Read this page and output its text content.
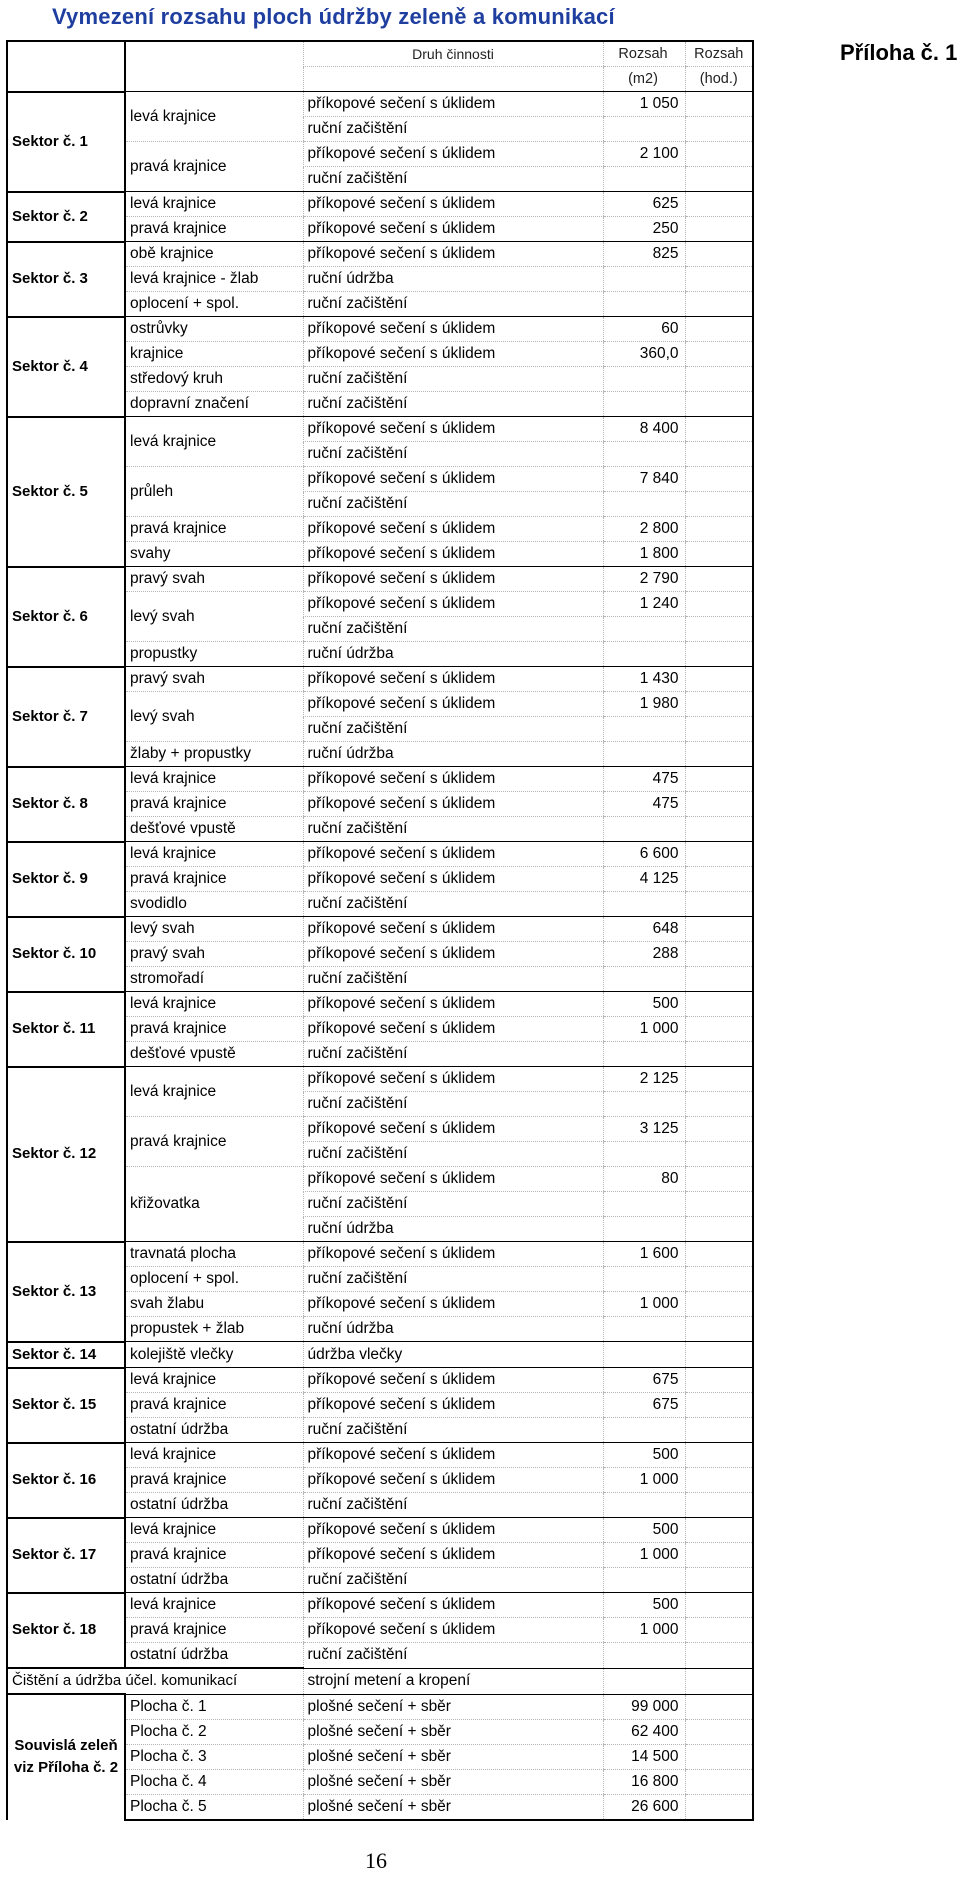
Vymezení rozsahu ploch údržby zeleně a komunikací
Příloha č. 1
		Druh činnosti	Rozsah	Rozsah
			(m2)	(hod.)
Sektor č. 1	levá krajnice	příkopové sečení s úklidem	1 050	
		ruční začištění		
	pravá krajnice	příkopové sečení s úklidem	2 100	
		ruční začištění		
Sektor č. 2	levá krajnice	příkopové sečení s úklidem	625	
	pravá krajnice	příkopové sečení s úklidem	250	
Sektor č. 3	obě krajnice	příkopové sečení s úklidem	825	
	levá krajnice - žlab	ruční údržba		
	oplocení + spol.	ruční začištění		
Sektor č. 4	ostrůvky	příkopové sečení s úklidem	60	
	krajnice	příkopové sečení s úklidem	360,0	
	středový kruh	ruční začištění		
	dopravní značení	ruční začištění		
Sektor č. 5	levá krajnice	příkopové sečení s úklidem	8 400	
		ruční začištění		
	průleh	příkopové sečení s úklidem	7 840	
		ruční začištění		
	pravá krajnice	příkopové sečení s úklidem	2 800	
	svahy	příkopové sečení s úklidem	1 800	
Sektor č. 6	pravý svah	příkopové sečení s úklidem	2 790	
	levý svah	příkopové sečení s úklidem	1 240	
		ruční začištění		
	propustky	ruční údržba		
Sektor č. 7	pravý svah	příkopové sečení s úklidem	1 430	
	levý svah	příkopové sečení s úklidem	1 980	
		ruční začištění		
	žlaby + propustky	ruční údržba		
Sektor č. 8	levá krajnice	příkopové sečení s úklidem	475	
	pravá krajnice	příkopové sečení s úklidem	475	
	dešťové vpustě	ruční začištění		
Sektor č. 9	levá krajnice	příkopové sečení s úklidem	6 600	
	pravá krajnice	příkopové sečení s úklidem	4 125	
	svodidlo	ruční začištění		
Sektor č. 10	levý svah	příkopové sečení s úklidem	648	
	pravý svah	příkopové sečení s úklidem	288	
	stromořadí	ruční začištění		
Sektor č. 11	levá krajnice	příkopové sečení s úklidem	500	
	pravá krajnice	příkopové sečení s úklidem	1 000	
	dešťové vpustě	ruční začištění		
Sektor č. 12	levá krajnice	příkopové sečení s úklidem	2 125	
		ruční začištění		
	pravá krajnice	příkopové sečení s úklidem	3 125	
		ruční začištění		
	křižovatka	příkopové sečení s úklidem	80	
		ruční začištění		
		ruční údržba		
Sektor č. 13	travnatá plocha	příkopové sečení s úklidem	1 600	
	oplocení + spol.	ruční začištění		
	svah žlabu	příkopové sečení s úklidem	1 000	
	propustek + žlab	ruční údržba		
Sektor č. 14	kolejiště vlečky	údržba vlečky		
Sektor č. 15	levá krajnice	příkopové sečení s úklidem	675	
	pravá krajnice	příkopové sečení s úklidem	675	
	ostatní údržba	ruční začištění		
Sektor č. 16	levá krajnice	příkopové sečení s úklidem	500	
	pravá krajnice	příkopové sečení s úklidem	1 000	
	ostatní údržba	ruční začištění		
Sektor č. 17	levá krajnice	příkopové sečení s úklidem	500	
	pravá krajnice	příkopové sečení s úklidem	1 000	
	ostatní údržba	ruční začištění		
Sektor č. 18	levá krajnice	příkopové sečení s úklidem	500	
	pravá krajnice	příkopové sečení s úklidem	1 000	
	ostatní údržba	ruční začištění		
Čištění a údržba účel. komunikací		strojní metení a kropení		
Souvislá zeleň viz Příloha č. 2	Plocha č. 1	plošné sečení + sběr	99 000	
	Plocha č. 2	plošné sečení + sběr	62 400	
	Plocha č. 3	plošné sečení + sběr	14 500	
	Plocha č. 4	plošné sečení + sběr	16 800	
	Plocha č. 5	plošné sečení + sběr	26 600	
16
